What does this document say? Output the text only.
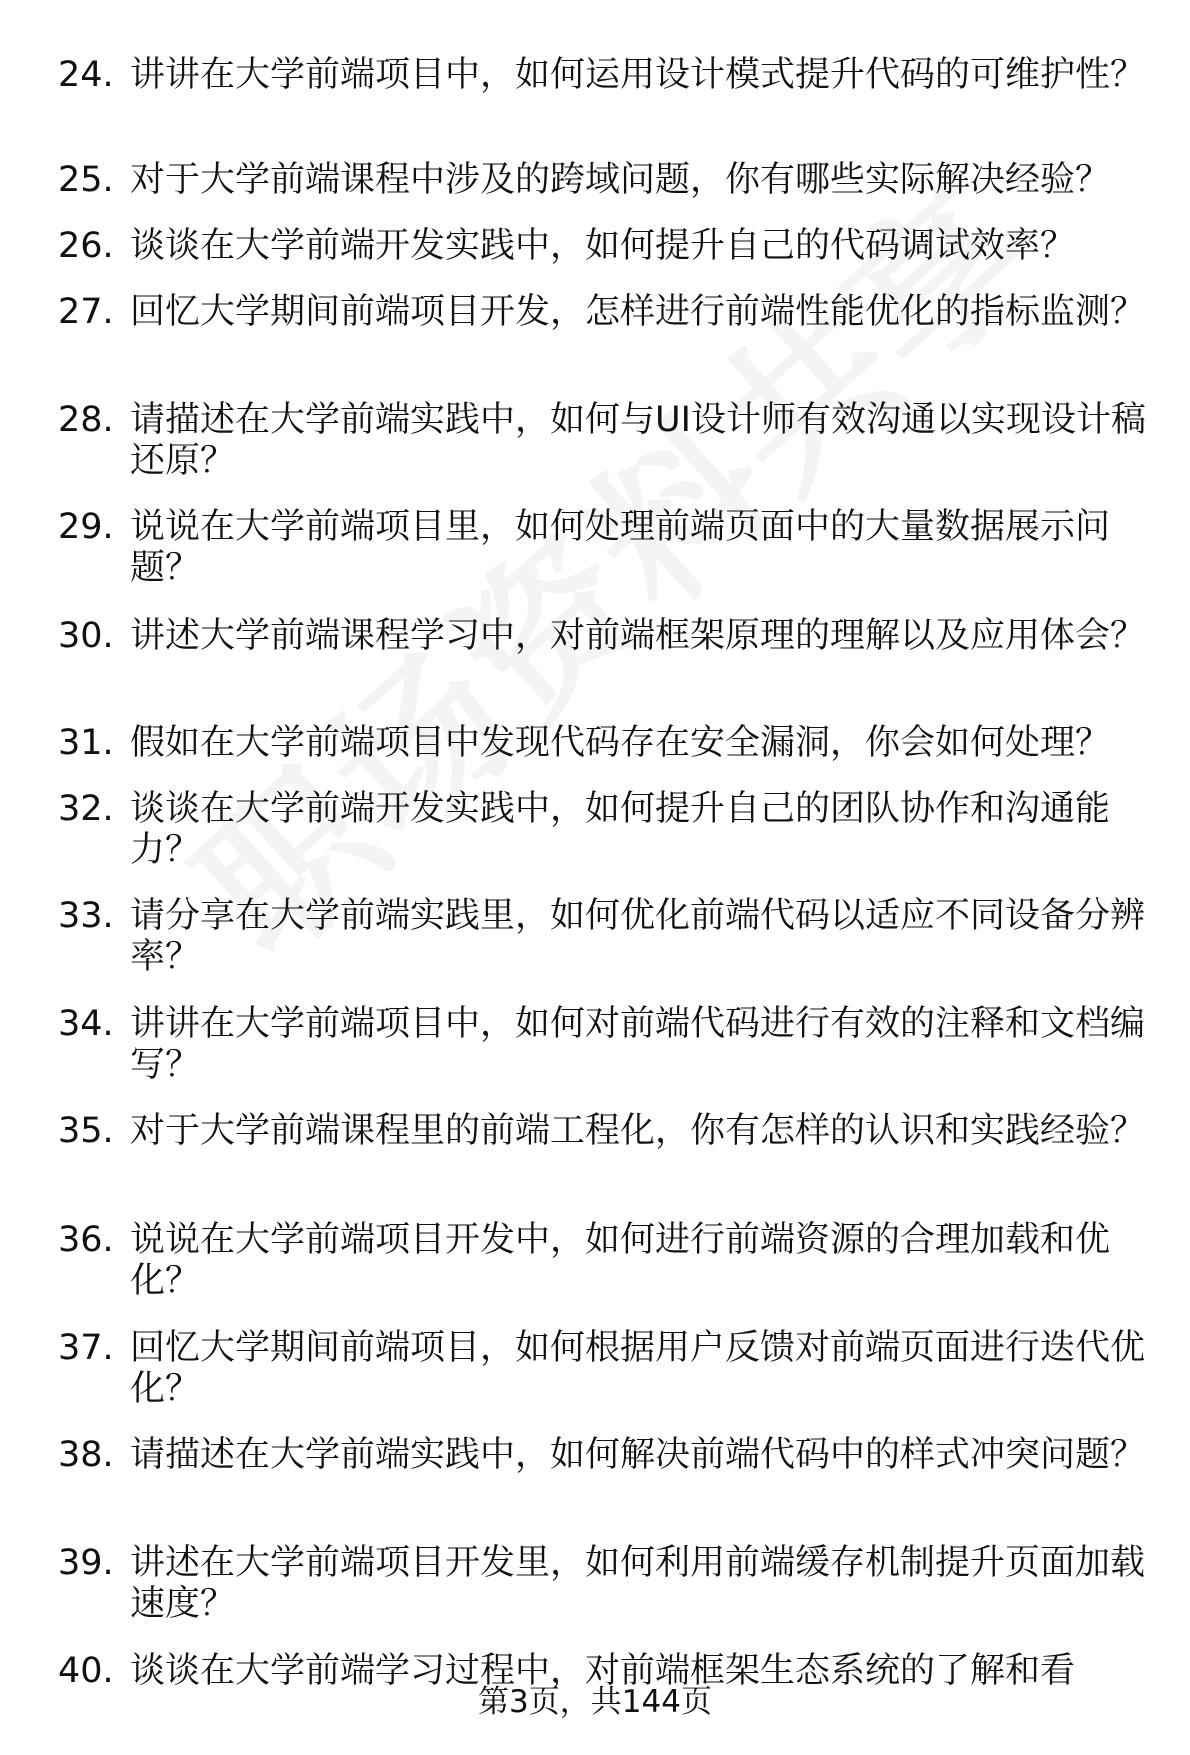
24. 讲讲在大学前端项目中，如何运用设计模式提升代码的可维护性？
25. 对于大学前端课程中涉及的跨域问题，你有哪些实际解决经验？
26. 谈谈在大学前端开发实践中，如何提升自己的代码调试效率？
27. 回忆大学期间前端项目开发，怎样进行前端性能优化的指标监测？
28. 请描述在大学前端实践中，如何与UI设计师有效沟通以实现设计稿还原？
29. 说说在大学前端项目里，如何处理前端页面中的大量数据展示问题？
30. 讲述大学前端课程学习中，对前端框架原理的理解以及应用体会？
31. 假如在大学前端项目中发现代码存在安全漏洞，你会如何处理？
32. 谈谈在大学前端开发实践中，如何提升自己的团队协作和沟通能力？
33. 请分享在大学前端实践里，如何优化前端代码以适应不同设备分辨率？
34. 讲讲在大学前端项目中，如何对前端代码进行有效的注释和文档编写？
35. 对于大学前端课程里的前端工程化，你有怎样的认识和实践经验？
36. 说说在大学前端项目开发中，如何进行前端资源的合理加载和优化？
37. 回忆大学期间前端项目，如何根据用户反馈对前端页面进行迭代优化？
38. 请描述在大学前端实践中，如何解决前端代码中的样式冲突问题？
39. 讲述在大学前端项目开发里，如何利用前端缓存机制提升页面加载速度？
40. 谈谈在大学前端学习过程中，对前端框架生态系统的了解和看
第3页，共144页
